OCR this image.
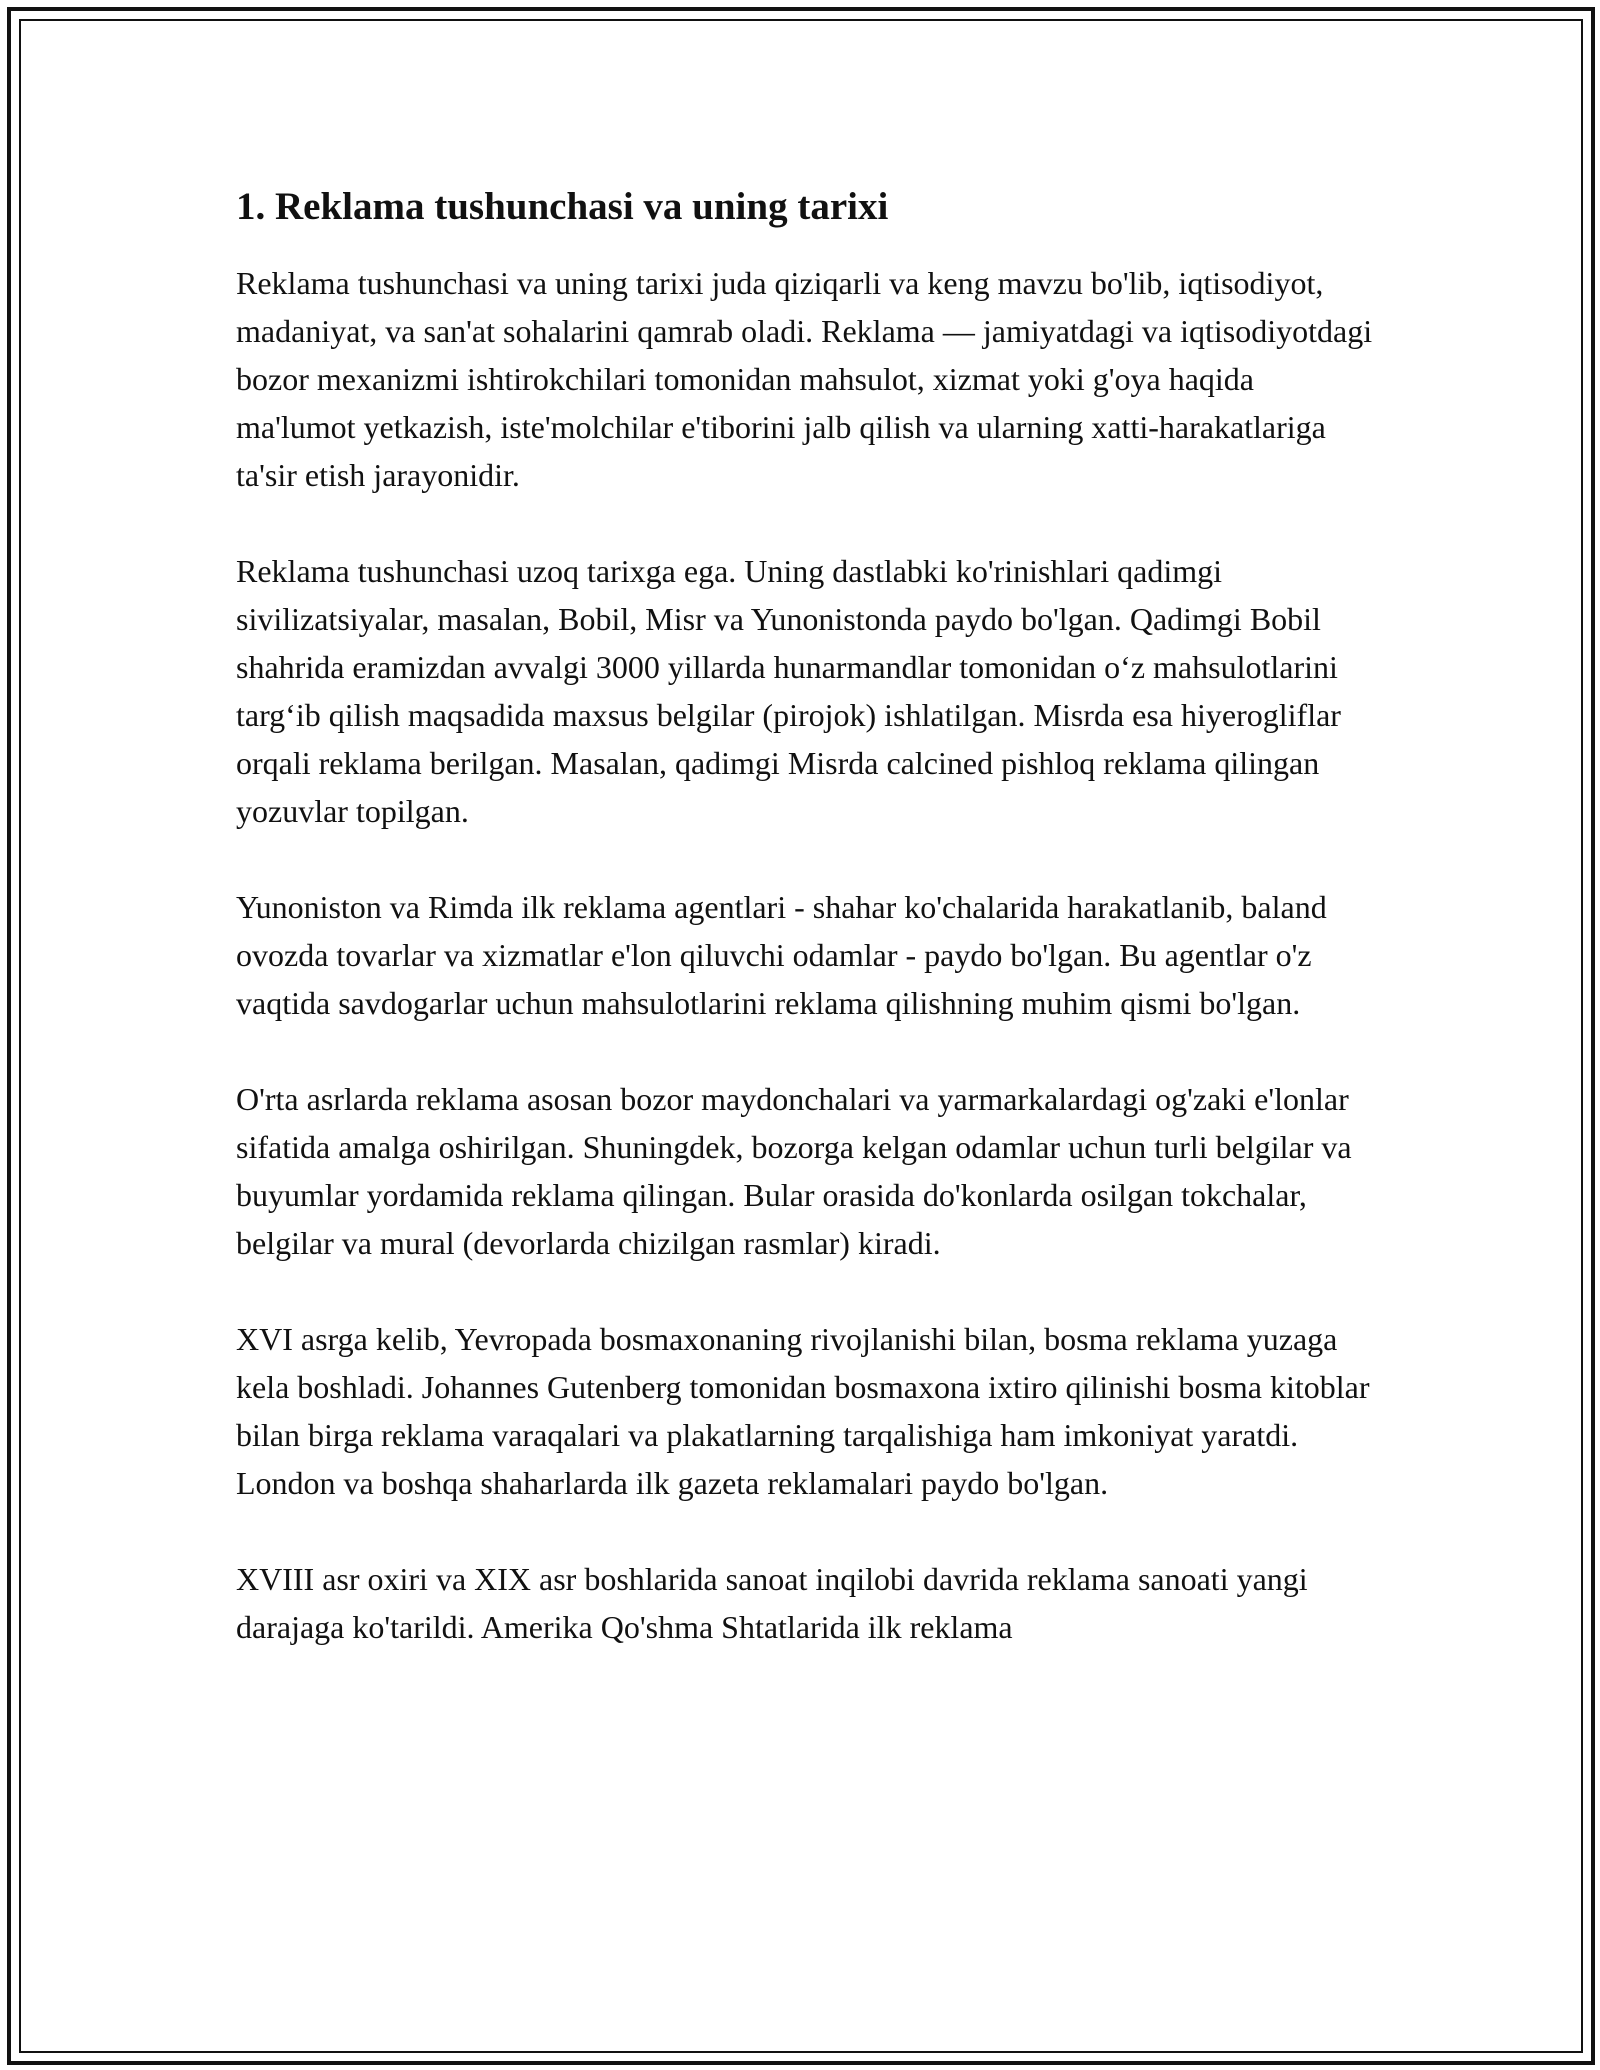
1. Reklama tushunchasi va uning tarixi

Reklama tushunchasi va uning tarixi juda qiziqarli va keng mavzu bo'lib, iqtisodiyot, madaniyat, va san'at sohalarini qamrab oladi. Reklama — jamiyatdagi va iqtisodiyotdagi bozor mexanizmi ishtirokchilari tomonidan mahsulot, xizmat yoki g'oya haqida ma'lumot yetkazish, iste'molchilar e'tiborini jalb qilish va ularning xatti-harakatlariga ta'sir etish jarayonidir.

Reklama tushunchasi uzoq tarixga ega. Uning dastlabki ko'rinishlari qadimgi sivilizatsiyalar, masalan, Bobil, Misr va Yunonistonda paydo bo'lgan. Qadimgi Bobil shahrida eramizdan avvalgi 3000 yillarda hunarmandlar tomonidan o‘z mahsulotlarini targ‘ib qilish maqsadida maxsus belgilar (pirojok) ishlatilgan. Misrda esa hiyerogliflar orqali reklama berilgan. Masalan, qadimgi Misrda calcined pishloq reklama qilingan yozuvlar topilgan.

Yunoniston va Rimda ilk reklama agentlari - shahar ko'chalarida harakatlanib, baland ovozda tovarlar va xizmatlar e'lon qiluvchi odamlar - paydo bo'lgan. Bu agentlar o'z vaqtida savdogarlar uchun mahsulotlarini reklama qilishning muhim qismi bo'lgan.

O'rta asrlarda reklama asosan bozor maydonchalari va yarmarkalardagi og'zaki e'lonlar sifatida amalga oshirilgan. Shuningdek, bozorga kelgan odamlar uchun turli belgilar va buyumlar yordamida reklama qilingan. Bular orasida do'konlarda osilgan tokchalar, belgilar va mural (devorlarda chizilgan rasmlar) kiradi.

XVI asrga kelib, Yevropada bosmaxonaning rivojlanishi bilan, bosma reklama yuzaga kela boshladi. Johannes Gutenberg tomonidan bosmaxona ixtiro qilinishi bosma kitoblar bilan birga reklama varaqalari va plakatlarning tarqalishiga ham imkoniyat yaratdi. London va boshqa shaharlarda ilk gazeta reklamalari paydo bo'lgan.

XVIII asr oxiri va XIX asr boshlarida sanoat inqilobi davrida reklama sanoati yangi darajaga ko'tarildi. Amerika Qo'shma Shtatlarida ilk reklama
